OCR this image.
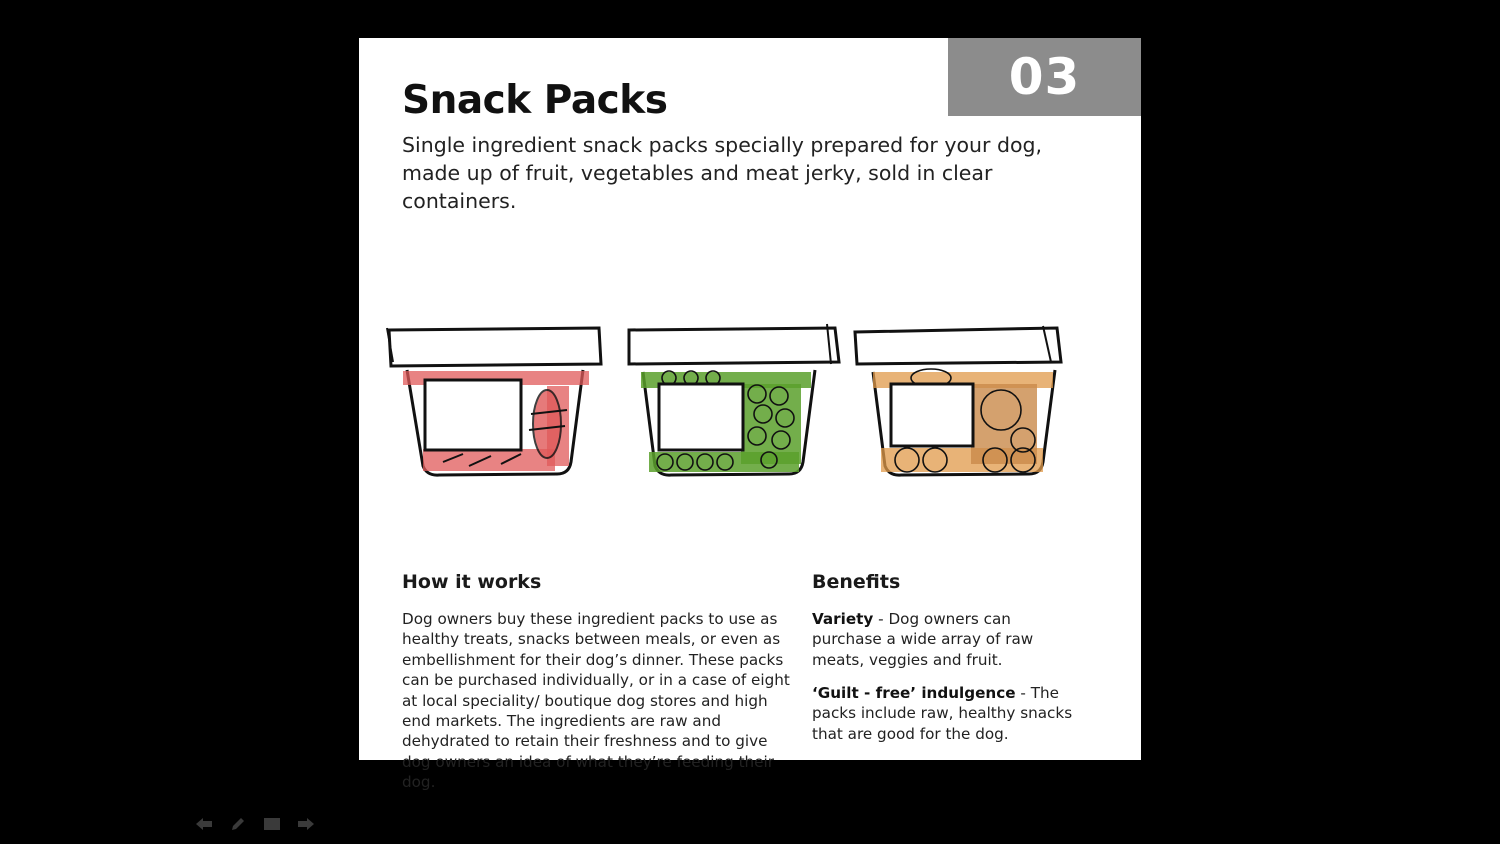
03
Snack Packs

Single ingredient snack packs specially prepared for your dog, made up of fruit, vegetables and meat jerky, sold in clear containers.

How it works

Dog owners buy these ingredient packs to use as healthy treats, snacks between meals, or even as embellishment for their dog’s dinner. These packs can be purchased individually, or in a case of eight at local speciality/ boutique dog stores and high end markets. The ingredients are raw and dehydrated to retain their freshness and to give dog owners an idea of what they’re feeding their dog.

Benefits

Variety - Dog owners can purchase a wide array of raw meats, veggies and fruit.

‘Guilt - free’ indulgence - The packs include raw, healthy snacks that are good for the dog.
